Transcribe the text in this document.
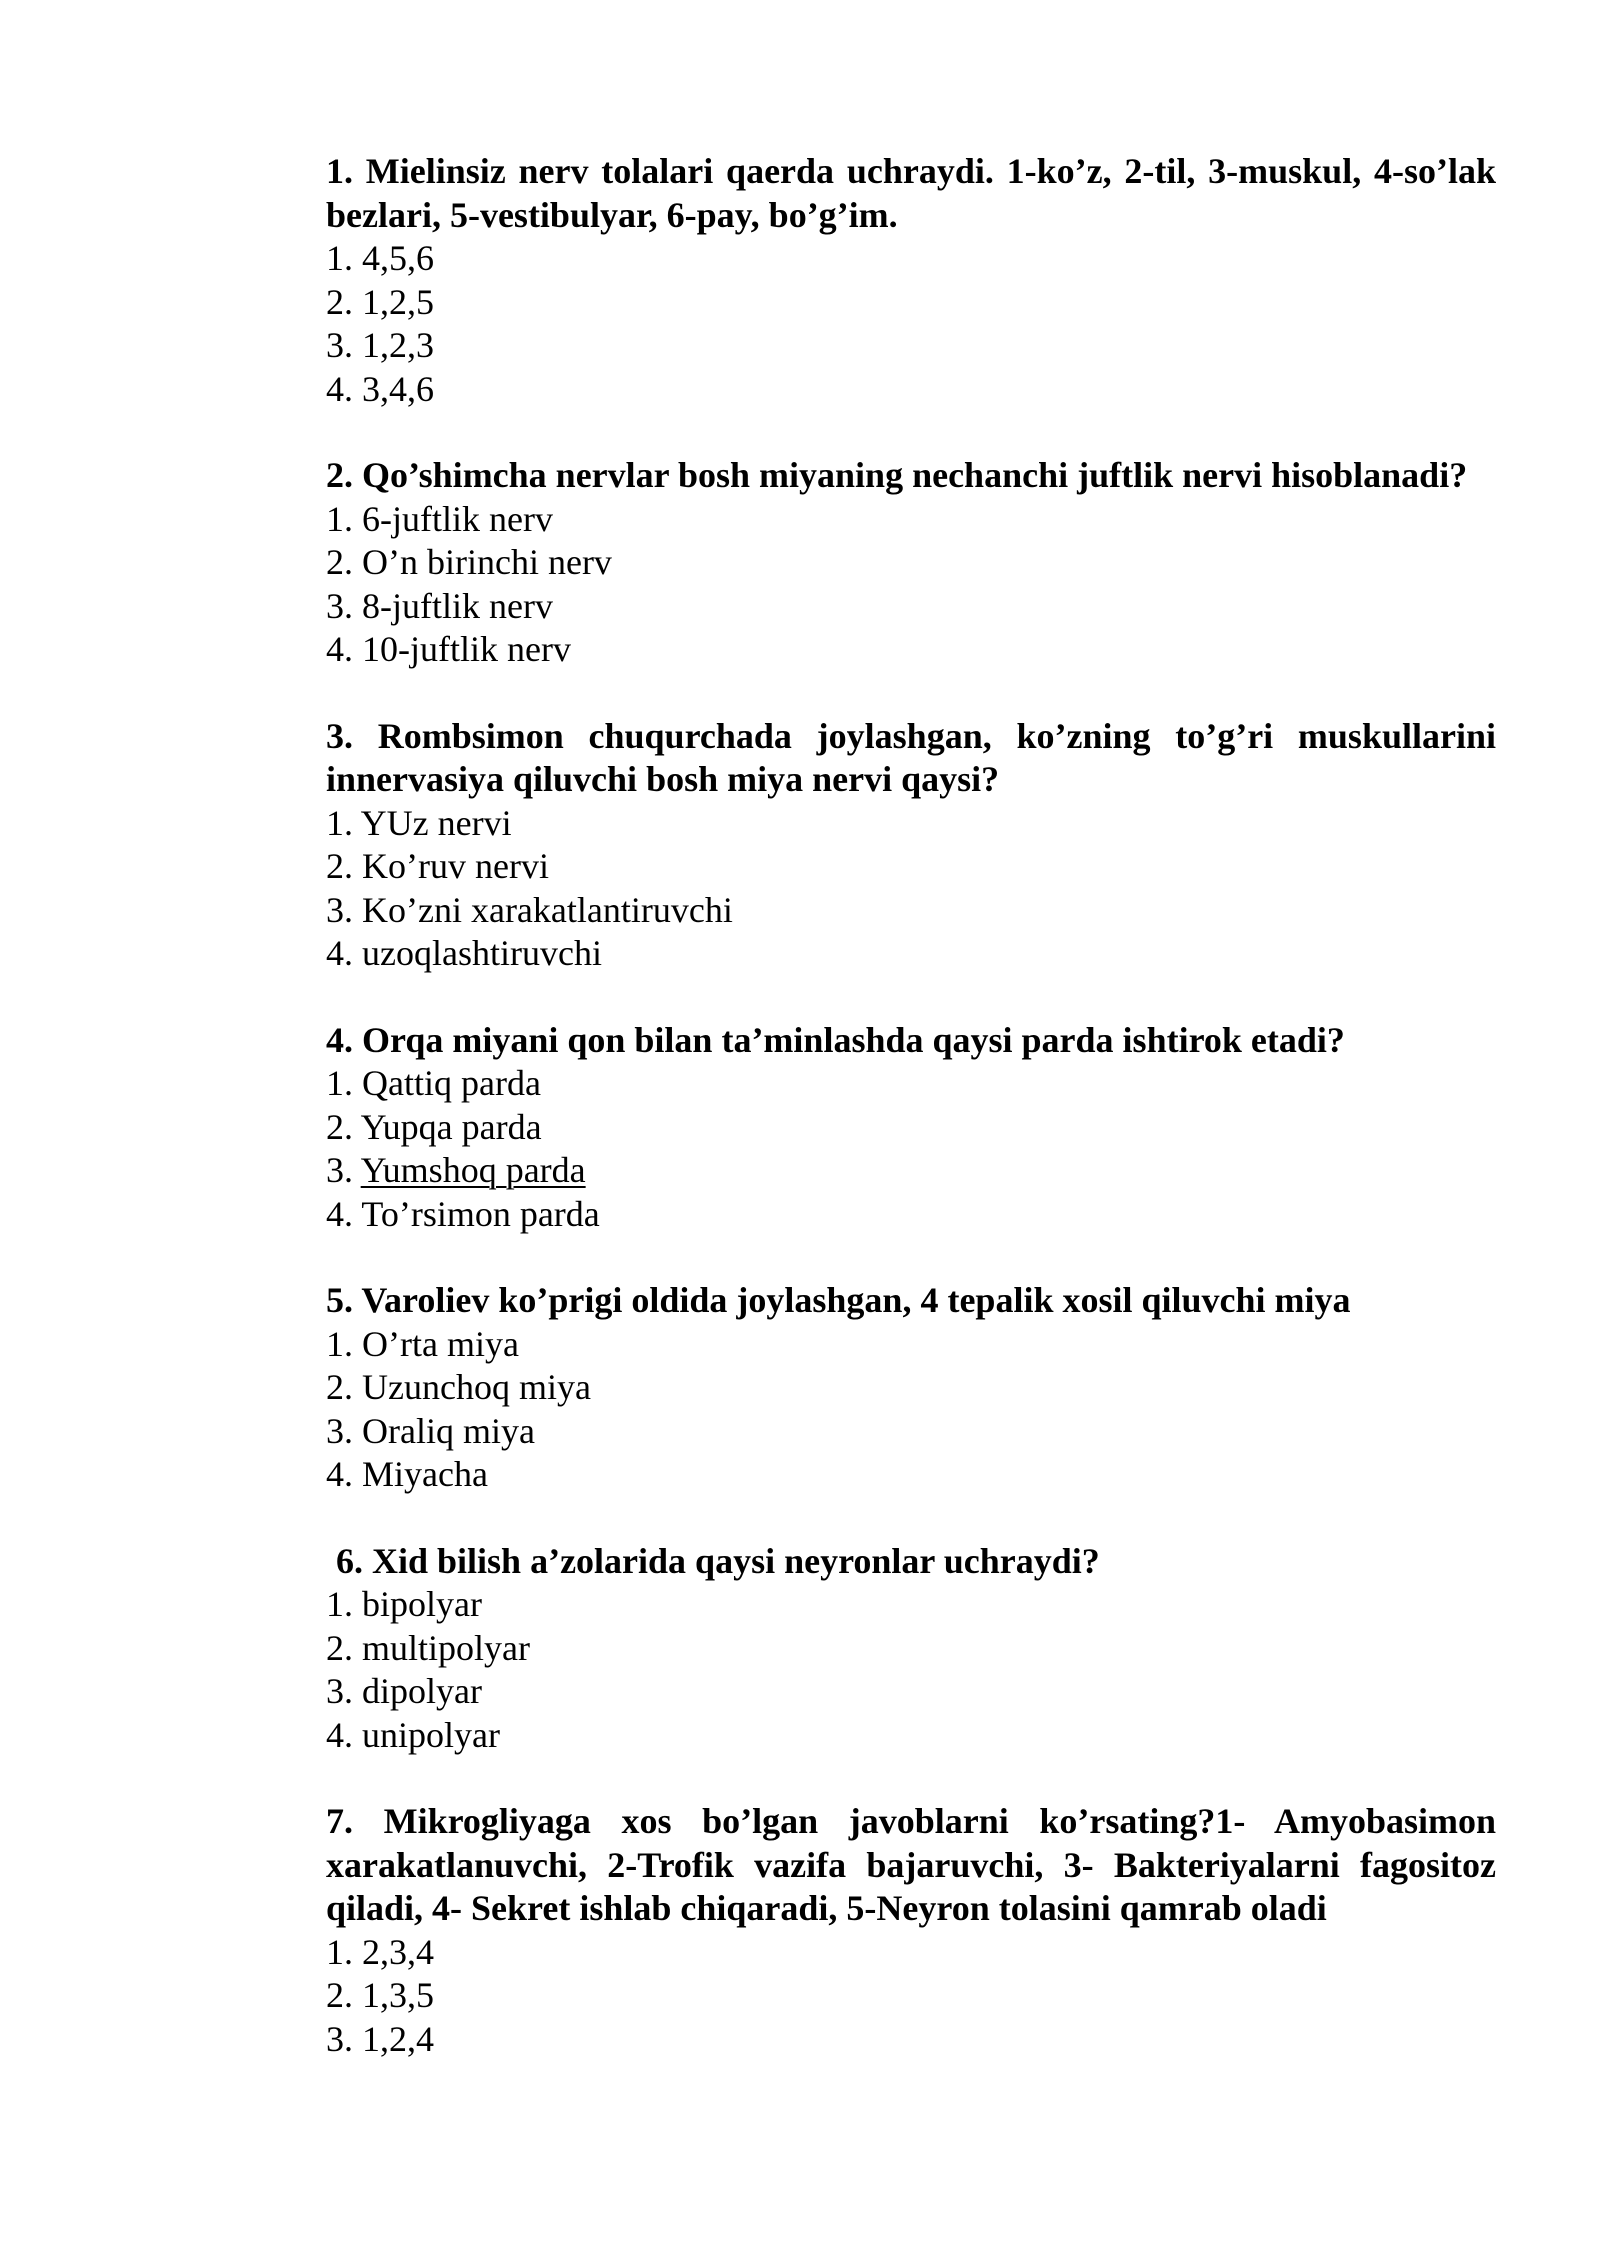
1. Mielinsiz nerv tolalari qaerda uchraydi. 1-ko’z, 2-til, 3-muskul, 4-so’lak bezlari, 5-vestibulyar, 6-pay, bo’g’im.

1. 4,5,6
2. 1,2,5
3. 1,2,3
4. 3,4,6

2. Qo’shimcha nervlar bosh miyaning nechanchi juftlik nervi hisoblanadi?

1. 6-juftlik nerv
2. O’n birinchi nerv
3. 8-juftlik nerv
4. 10-juftlik nerv

3. Rombsimon chuqurchada joylashgan, ko’zning to’g’ri muskullarini innervasiya qiluvchi bosh miya nervi qaysi?

1. YUz nervi
2. Ko’ruv nervi
3. Ko’zni xarakatlantiruvchi
4. uzoqlashtiruvchi

4. Orqa miyani qon bilan ta’minlashda qaysi parda ishtirok etadi?

1. Qattiq parda
2. Yupqa parda
3. Yumshoq parda
4. To’rsimon parda

5. Varoliev ko’prigi oldida joylashgan, 4 tepalik xosil qiluvchi miya

1. O’rta miya
2. Uzunchoq miya
3. Oraliq miya
4. Miyacha

6. Xid bilish a’zolarida qaysi neyronlar uchraydi?

1. bipolyar
2. multipolyar
3. dipolyar
4. unipolyar

7. Mikrogliyaga xos bo’lgan javoblarni ko’rsating?1- Amyobasimon xarakatlanuvchi, 2-Trofik vazifa bajaruvchi, 3- Bakteriyalarni fagositoz qiladi, 4- Sekret ishlab chiqaradi, 5-Neyron tolasini qamrab oladi

1. 2,3,4
2. 1,3,5
3. 1,2,4
